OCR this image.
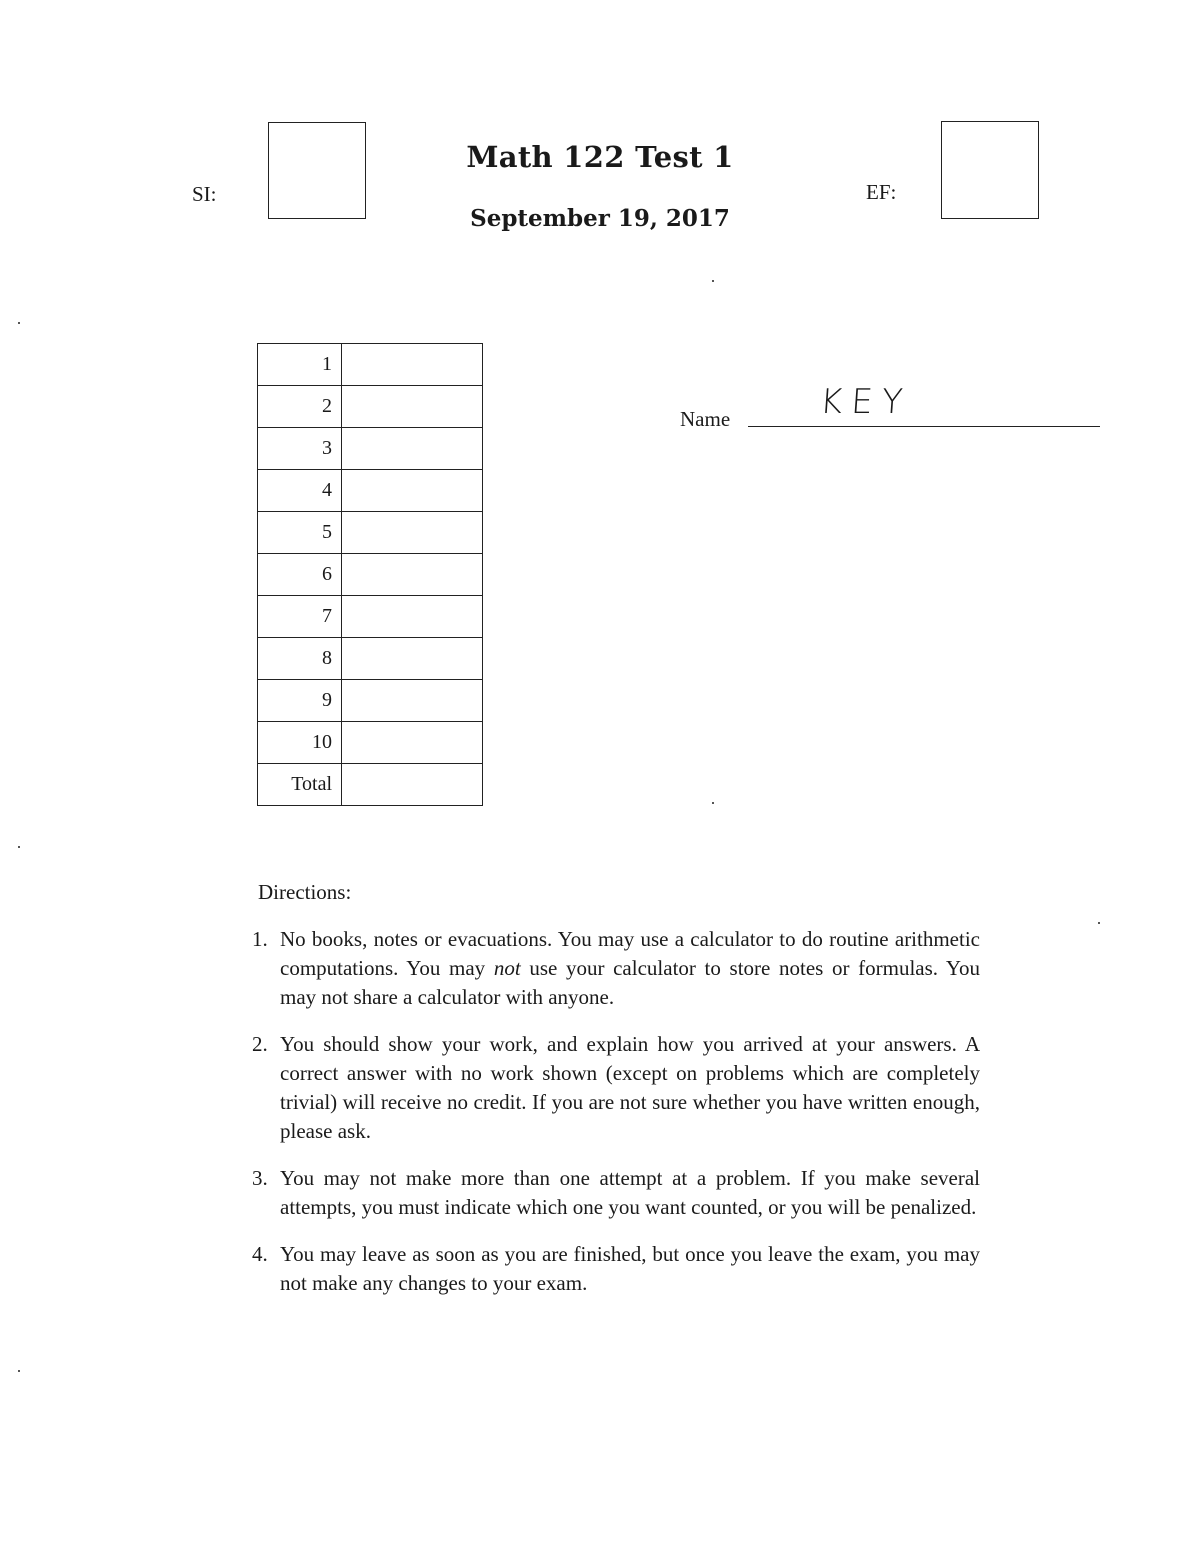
SI:
Math 122 Test 1
September 19, 2017
EF:
1	
2	
3	
4	
5	
6	
7	
8	
9	
10	
Total	
Name	KEY
Directions:
1. No books, notes or evacuations. You may use a calculator to do routine arithmetic computations. You may not use your calculator to store notes or formulas. You may not share a calculator with anyone.
2. You should show your work, and explain how you arrived at your answers. A correct answer with no work shown (except on problems which are completely trivial) will receive no credit. If you are not sure whether you have written enough, please ask.
3. You may not make more than one attempt at a problem. If you make several attempts, you must indicate which one you want counted, or you will be penalized.
4. You may leave as soon as you are finished, but once you leave the exam, you may not make any changes to your exam.
